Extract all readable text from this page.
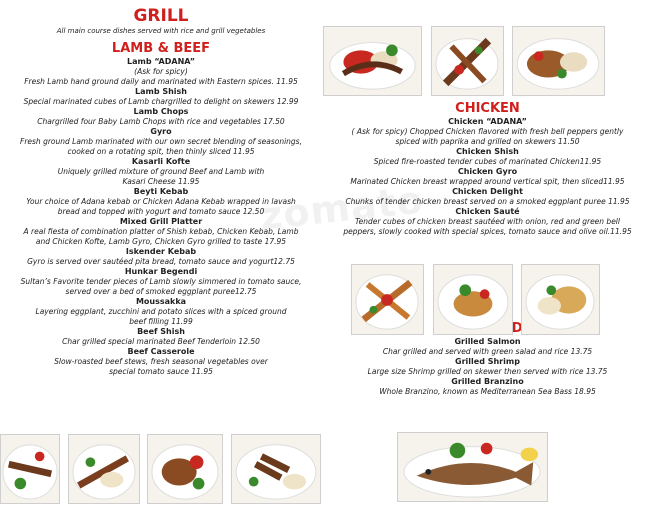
GRILL
All main course dishes served with rice and grill vegetables
LAMB & BEEF
Lamb “ADANA”
(Ask for spicy)
Fresh Lamb hand ground daily and marinated with Eastern spices. 11.95
Lamb Shish
Special marinated cubes of Lamb chargrilled to delight on skewers 12.99
Lamb Chops
Chargrilled four Baby Lamb Chops with rice and vegetables 17.50
Gyro
Fresh ground Lamb marinated with our own secret blending of seasonings,
cooked on a rotating spit, then thinly sliced 11.95
Kasarli Kofte
Uniquely grilled mixture of ground Beef and Lamb with
Kasari Cheese 11.95
Beyti Kebab
Your choice of Adana kebab or Chicken Adana Kebab wrapped in lavash
bread and topped with yogurt and tomato sauce 12.50
Mixed Grill Platter
A real fiesta of combination platter of Shish kebab, Chicken Kebab, Lamb
and Chicken Kofte, Lamb Gyro, Chicken Gyro grilled to taste 17.95
Iskender Kebab
Gyro is served over sautéed pita bread, tomato sauce and yogurt12.75
Hunkar Begendi
Sultan’s Favorite tender pieces of Lamb slowly simmered in tomato sauce,
served over a bed of smoked eggplant puree12.75
Moussakka
Layering eggplant, zucchini and potato slices with a spiced ground
beef filling 11.99
Beef Shish
Char grilled special marinated Beef Tenderloin 12.50
Beef Casserole
Slow-roasted beef stews, fresh seasonal vegetables over
special tomato sauce 11.95
CHICKEN
Chicken “ADANA”
( Ask for spicy) Chopped Chicken flavored with fresh bell peppers gently
spiced with paprika and grilled on skewers 11.50
Chicken Shish
Spiced fire-roasted tender cubes of marinated Chicken11.95
Chicken Gyro
Marinated Chicken breast wrapped around vertical spit, then sliced11.95
Chicken Delight
Chunks of tender chicken breast served on a smoked eggplant puree 11.95
Chicken Sauté
Tender cubes of chicken breast sautéed with onion, red and green bell
peppers, slowly cooked with special spices, tomato sauce and olive oil.11.95
Grilled Salmon
Char grilled and served with green salad and rice 13.75
Grilled Shrimp
Large size Shrimp grilled on skewer then served with rice 13.75
Grilled Branzino
Whole Branzino, known as Mediterranean Sea Bass 18.95
zomato
